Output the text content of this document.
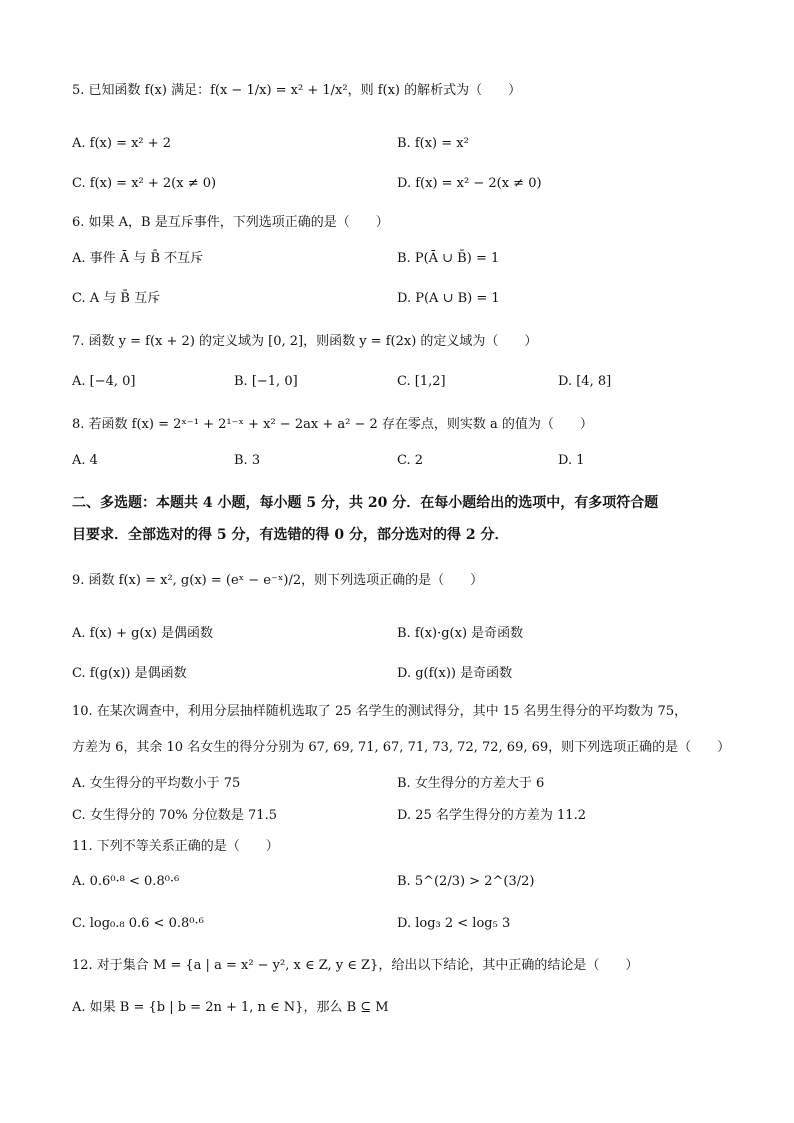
5. 已知函数 f(x) 满足：f(x − 1/x) = x² + 1/x²，则 f(x) 的解析式为（　　）
A. f(x) = x² + 2	B. f(x) = x²
C. f(x) = x² + 2(x ≠ 0)	D. f(x) = x² − 2(x ≠ 0)
6. 如果 A，B 是互斥事件，下列选项正确的是（　　）
A. 事件 Ā 与 B̄ 不互斥	B. P(Ā ∪ B̄) = 1
C. A 与 B̄ 互斥	D. P(A ∪ B) = 1
7. 函数 y = f(x + 2) 的定义域为 [0, 2]，则函数 y = f(2x) 的定义域为（　　）
A. [−4, 0]	B. [−1, 0]	C. [1,2]	D. [4, 8]
8. 若函数 f(x) = 2ˣ⁻¹ + 2¹⁻ˣ + x² − 2ax + a² − 2 存在零点，则实数 a 的值为（　　）
A. 4	B. 3	C. 2	D. 1
二、多选题：本题共 4 小题，每小题 5 分，共 20 分．在每小题给出的选项中，有多项符合题
目要求．全部选对的得 5 分，有选错的得 0 分，部分选对的得 2 分．
9. 函数 f(x) = x², g(x) = (eˣ − e⁻ˣ)/2，则下列选项正确的是（　　）
A. f(x) + g(x) 是偶函数	B. f(x)·g(x) 是奇函数
C. f(g(x)) 是偶函数	D. g(f(x)) 是奇函数
10. 在某次调查中，利用分层抽样随机选取了 25 名学生的测试得分，其中 15 名男生得分的平均数为 75，
方差为 6，其余 10 名女生的得分分别为 67, 69, 71, 67, 71, 73, 72, 72, 69, 69，则下列选项正确的是（　　）
A. 女生得分的平均数小于 75	B. 女生得分的方差大于 6
C. 女生得分的 70% 分位数是 71.5	D. 25 名学生得分的方差为 11.2
11. 下列不等关系正确的是（　　）
A. 0.6⁰·⁸ < 0.8⁰·⁶	B. 5^(2/3) > 2^(3/2)
C. log₀.₈ 0.6 < 0.8⁰·⁶	D. log₃ 2 < log₅ 3
12. 对于集合 M = {a | a = x² − y², x ∈ Z, y ∈ Z}，给出以下结论，其中正确的结论是（　　）
A. 如果 B = {b | b = 2n + 1, n ∈ N}，那么 B ⊆ M
